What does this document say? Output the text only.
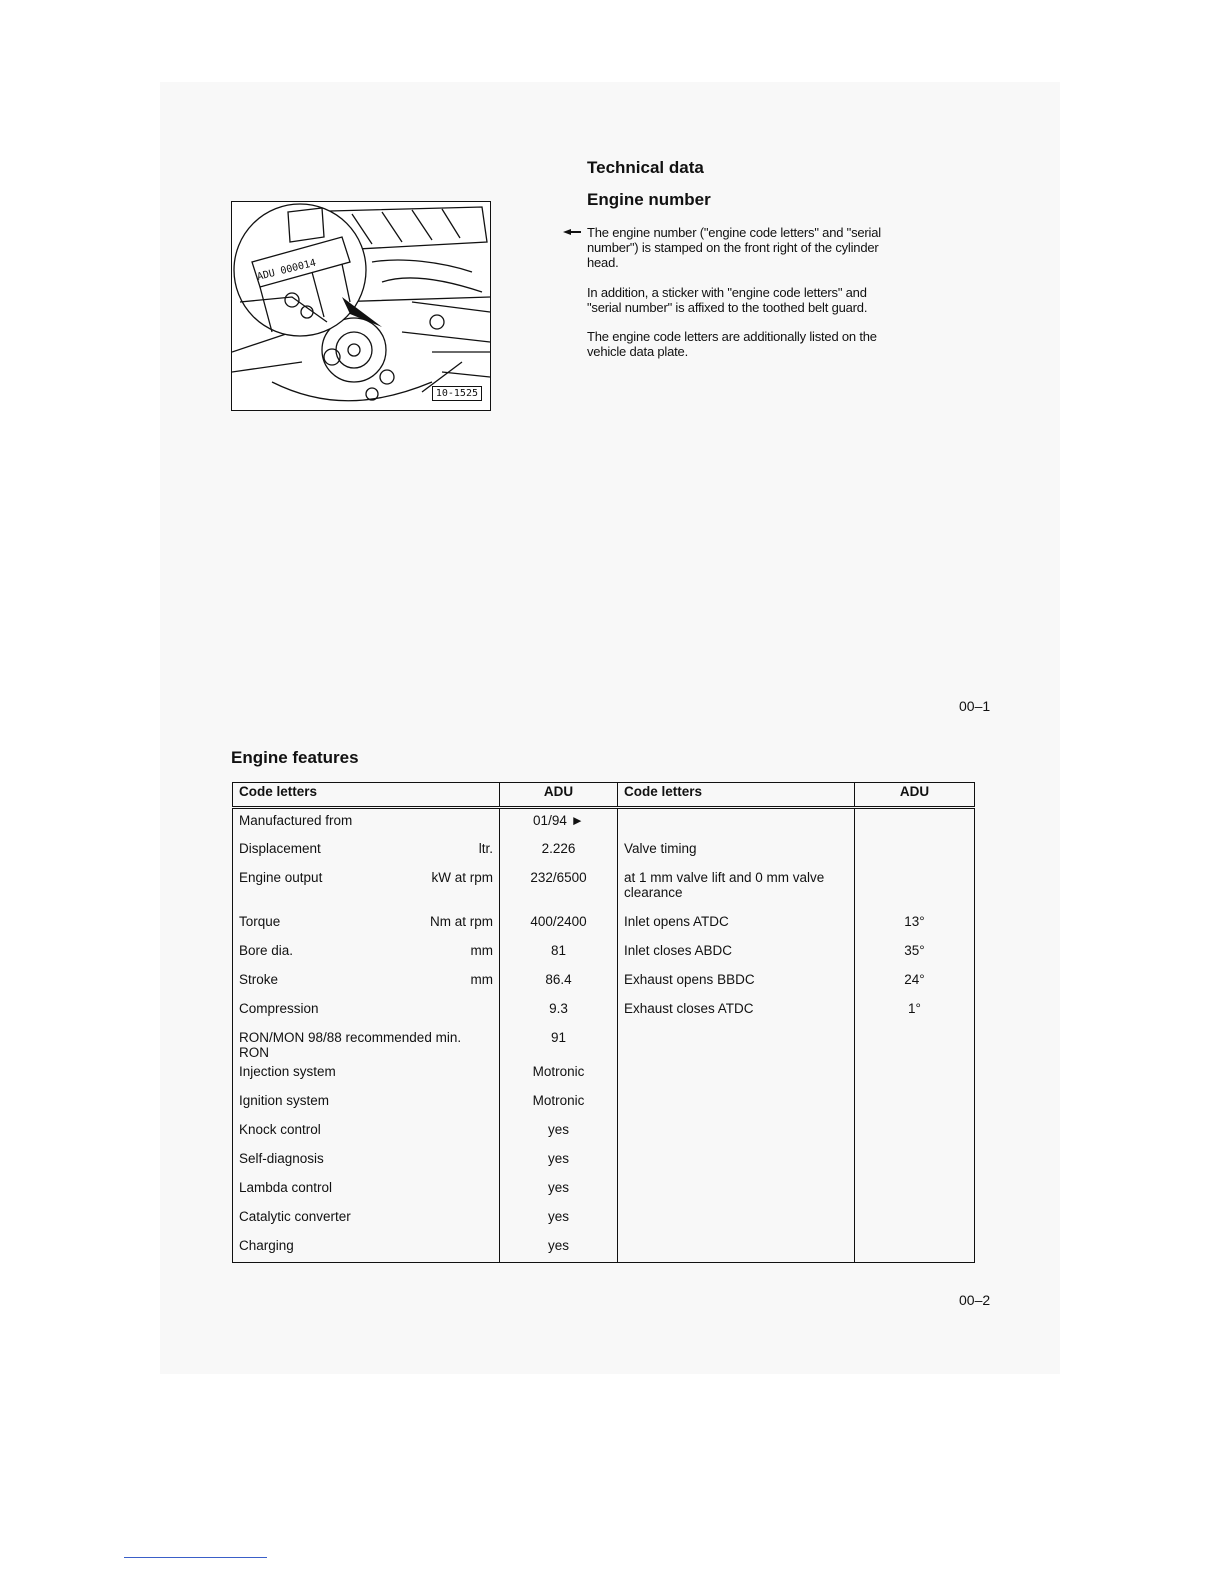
ADU 000014
10-1525
Technical data
Engine number
The engine number ("engine code letters" and "serial number") is stamped on the front right of the cylinder head.
In addition, a sticker with "engine code letters" and "serial number" is affixed to the toothed belt guard.
The engine code letters are additionally listed on the vehicle data plate.
00–1
Engine features
Code letters	ADU	Code letters	ADU

Manufactured from	01/94 ►		

Displacement ltr.	2.226	Valve timing	

Engine output kW at rpm	232/6500	at 1 mm valve lift and 0 mm valve clearance	

Torque Nm at rpm	400/2400	Inlet opens ATDC	13°

Bore dia. mm	81	Inlet closes ABDC	35°

Stroke mm	86.4	Exhaust opens BBDC	24°

Compression	9.3	Exhaust closes ATDC	1°

RON/MON 98/88 recommended min. RON	91		

Injection system	Motronic		

Ignition system	Motronic		

Knock control	yes		

Self-diagnosis	yes		

Lambda control	yes		

Catalytic converter	yes		

Charging	yes		
00–2
